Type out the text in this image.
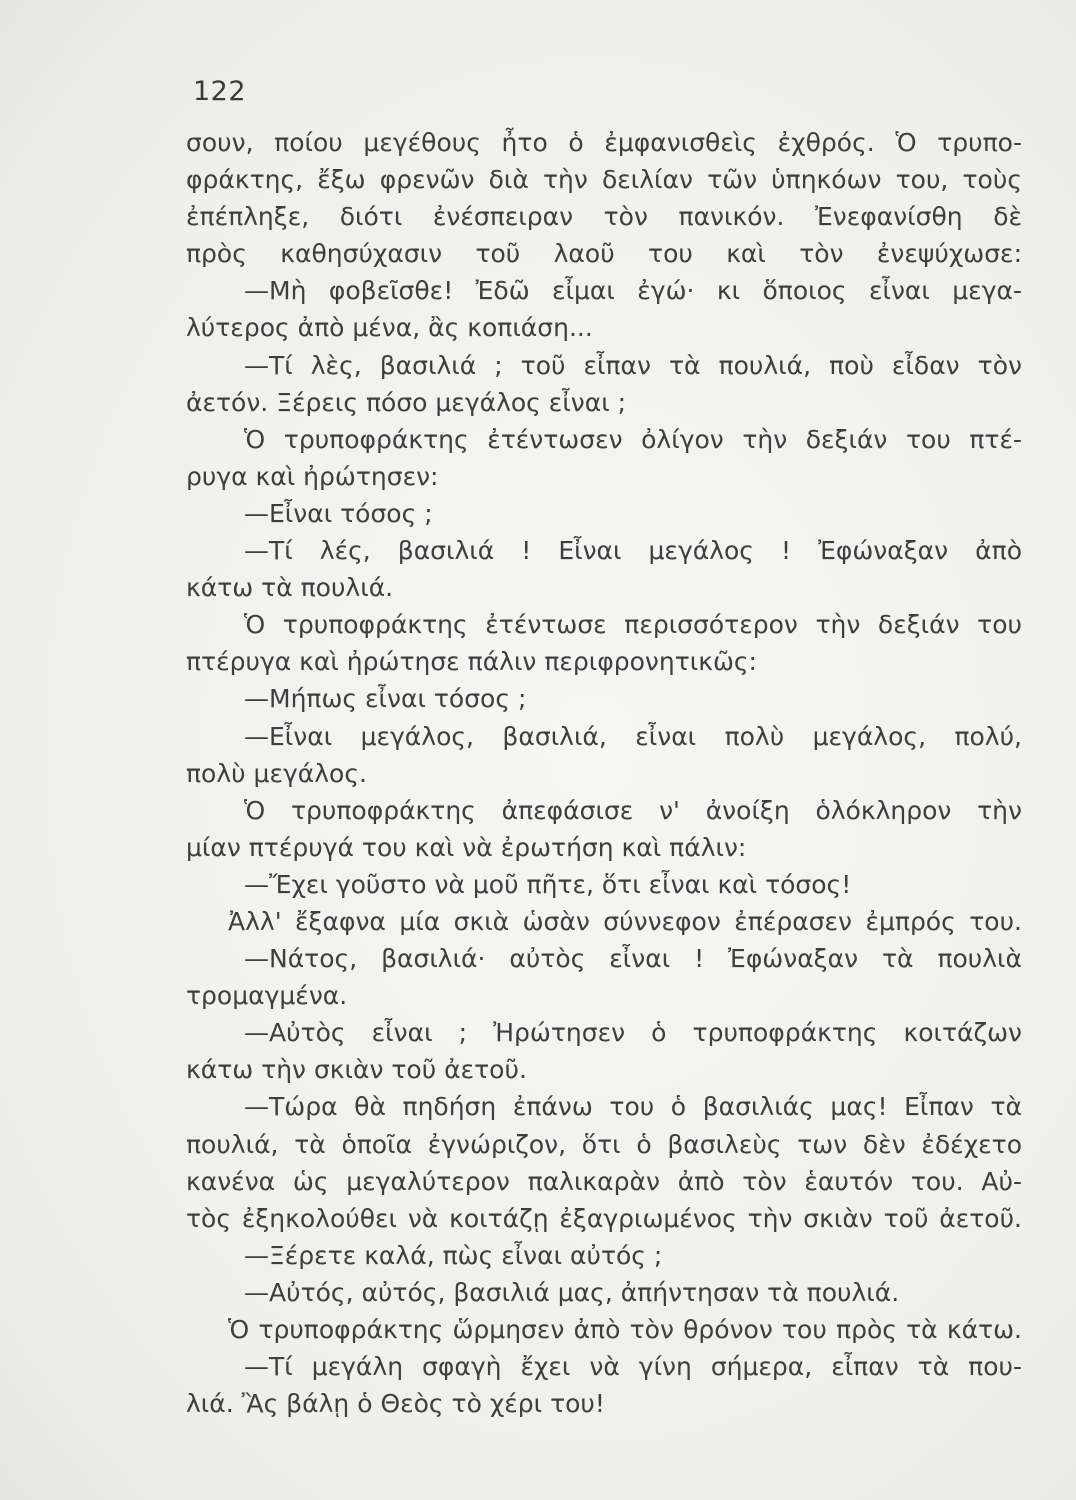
122
σουν, ποίου μεγέθους ἦτο ὁ ἐμφανισθεὶς ἐχθρός. Ὁ τρυπο-
φράκτης, ἔξω φρενῶν διὰ τὴν δειλίαν τῶν ὑπηκόων του, τοὺς
ἐπέπληξε, διότι ἐνέσπειραν τὸν πανικόν. Ἐνεφανίσθη δὲ
πρὸς καθησύχασιν τοῦ λαοῦ του καὶ τὸν ἐνεψύχωσε:
—Μὴ φοβεῖσθε! Ἐδῶ εἶμαι ἐγώ· κι ὅποιος εἶναι μεγα-
λύτερος ἀπὸ μένα, ἂς κοπιάση...
—Τί λὲς, βασιλιά ; τοῦ εἶπαν τὰ πουλιά, ποὺ εἶδαν τὸν
ἀετόν. Ξέρεις πόσο μεγάλος εἶναι ;
Ὁ τρυποφράκτης ἐτέντωσεν ὀλίγον τὴν δεξιάν του πτέ-
ρυγα καὶ ἠρώτησεν:
—Εἶναι τόσος ;
—Τί λές, βασιλιά ! Εἶναι μεγάλος ! Ἐφώναξαν ἀπὸ
κάτω τὰ πουλιά.
Ὁ τρυποφράκτης ἐτέντωσε περισσότερον τὴν δεξιάν του
πτέρυγα καὶ ἠρώτησε πάλιν περιφρονητικῶς:
—Μήπως εἶναι τόσος ;
—Εἶναι μεγάλος, βασιλιά, εἶναι πολὺ μεγάλος, πολύ,
πολὺ μεγάλος.
Ὁ τρυποφράκτης ἀπεφάσισε ν' ἀνοίξη ὁλόκληρον τὴν
μίαν πτέρυγά του καὶ νὰ ἐρωτήση καὶ πάλιν:
—Ἔχει γοῦστο νὰ μοῦ πῆτε, ὅτι εἶναι καὶ τόσος!
Ἀλλ' ἔξαφνα μία σκιὰ ὡσὰν σύννεφον ἐπέρασεν ἐμπρός του.
—Νάτος, βασιλιά· αὐτὸς εἶναι ! Ἐφώναξαν τὰ πουλιὰ
τρομαγμένα.
—Αὐτὸς εἶναι ; Ἠρώτησεν ὁ τρυποφράκτης κοιτάζων
κάτω τὴν σκιὰν τοῦ ἀετοῦ.
—Τώρα θὰ πηδήση ἐπάνω του ὁ βασιλιάς μας! Εἶπαν τὰ
πουλιά, τὰ ὁποῖα ἐγνώριζον, ὅτι ὁ βασιλεὺς των δὲν ἐδέχετο
κανένα ὡς μεγαλύτερον παλικαρὰν ἀπὸ τὸν ἑαυτόν του. Αὐ-
τὸς ἐξηκολούθει νὰ κοιτάζῃ ἐξαγριωμένος τὴν σκιὰν τοῦ ἀετοῦ.
—Ξέρετε καλά, πὼς εἶναι αὐτός ;
—Αὐτός, αὐτός, βασιλιά μας, ἀπήντησαν τὰ πουλιά.
Ὁ τρυποφράκτης ὥρμησεν ἀπὸ τὸν θρόνον του πρὸς τὰ κάτω.
—Τί μεγάλη σφαγὴ ἔχει νὰ γίνη σήμερα, εἶπαν τὰ που-
λιά. Ἂς βάλῃ ὁ Θεὸς τὸ χέρι του!
